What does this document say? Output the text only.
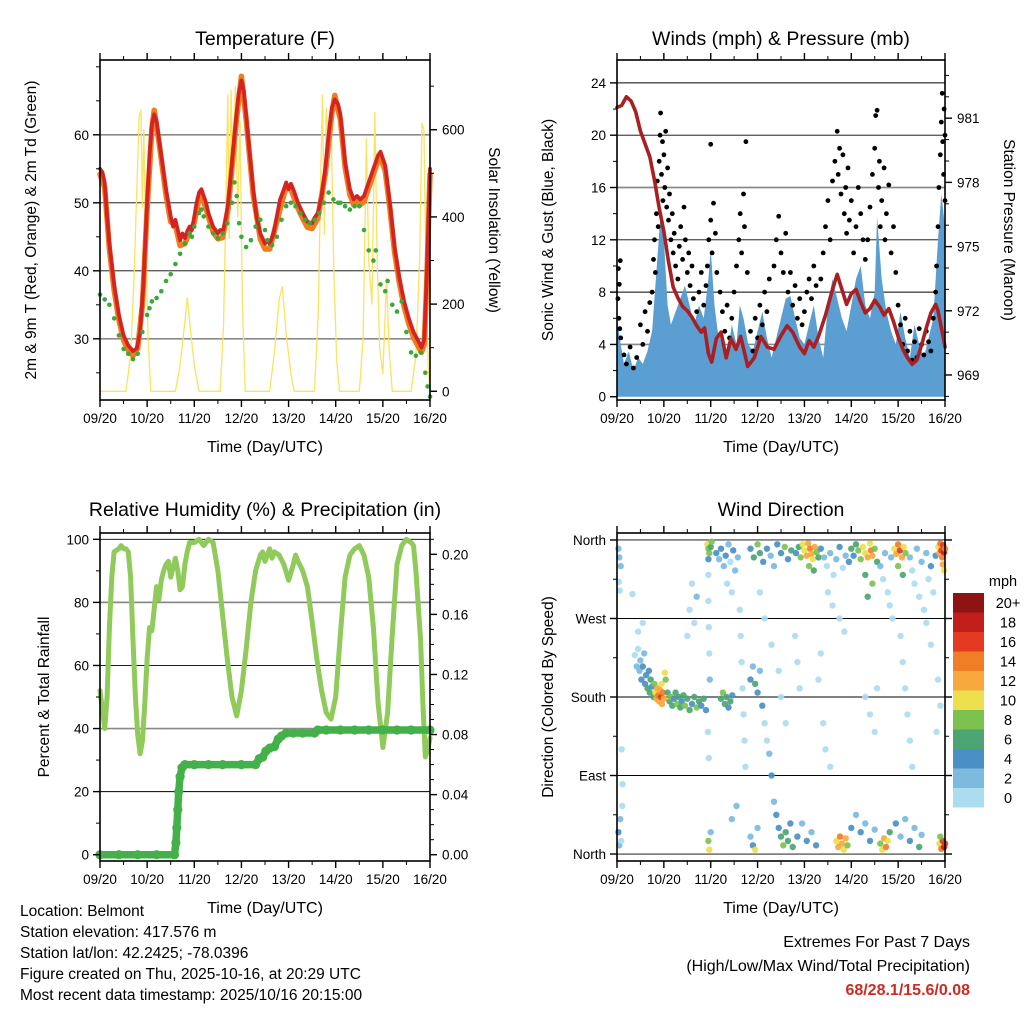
09/20 10/20 11/20 12/20 13/20 14/20 15/20 16/20
30
40
50
60
0
200
400
600
Temperature (F)
Time (Day/UTC)
2m & 9m T (Red, Orange) & 2m Td (Green)	Solar Insolation (Yellow)
09/20 10/20 11/20 12/20 13/20 14/20 15/20 16/20
0
4
8
12
16
20
24
969
972
975
978
981
Winds (mph) & Pressure (mb)
Time (Day/UTC)
Sonic Wind & Gust (Blue, Black)	Station Pressure (Maroon)
09/20 10/20 11/20 12/20 13/20 14/20 15/20 16/20
0
20
40
60
80
100
0.00
0.04
0.08
0.12
0.16
0.20
Relative Humidity (%) & Precipitation (in)
Time (Day/UTC)
Percent & Total Rainfall
09/20 10/20 11/20 12/20 13/20 14/20 15/20 16/20
North
East
South
West
North
Wind Direction
Time (Day/UTC)
Direction (Colored By Speed)
mph
20+
18
16
14
12
10
8
6
4
2
0
Location: Belmont
Station elevation: 417.576 m
Station lat/lon: 42.2425; -78.0396
Figure created on Thu, 2025-10-16, at 20:29 UTC
Most recent data timestamp: 2025/10/16 20:15:00
Extremes For Past 7 Days
(High/Low/Max Wind/Total Precipitation)
68/28.1/15.6/0.08
